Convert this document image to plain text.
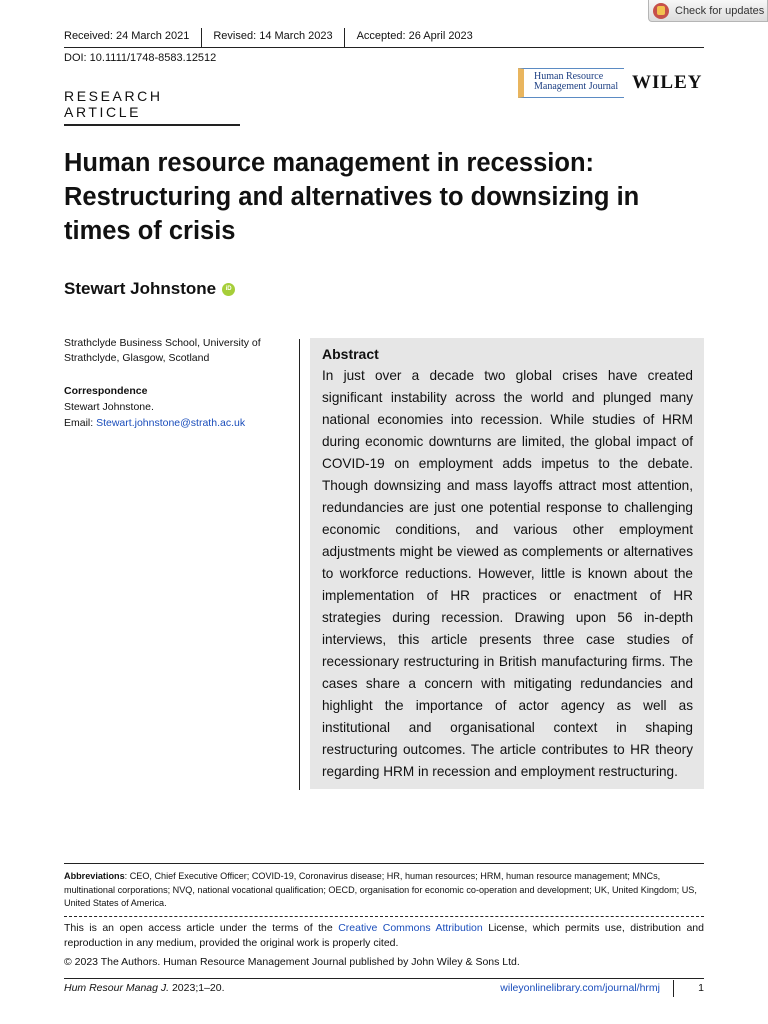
Check for updates
Received: 24 March 2021	Revised: 14 March 2023	Accepted: 26 April 2023
DOI: 10.1111/1748-8583.12512
RESEARCH ARTICLE
Human Resource
Management Journal WILEY
Human resource management in recession: Restructuring and alternatives to downsizing in times of crisis
Stewart Johnstone	iD
Strathclyde Business School, University of Strathclyde, Glasgow, Scotland
Correspondence
Stewart Johnstone.
Email: Stewart.johnstone@strath.ac.uk
Abstract

In just over a decade two global crises have created significant instability across the world and plunged many national economies into recession. While studies of HRM during economic downturns are limited, the global impact of COVID-19 on employment adds impetus to the debate. Though downsizing and mass layoffs attract most attention, redundancies are just one potential response to challenging economic conditions, and various other employment adjustments might be viewed as complements or alternatives to workforce reductions. However, little is known about the implementation of HR practices or enactment of HR strategies during recession. Drawing upon 56 in-depth interviews, this article presents three case studies of recessionary restructuring in British manufacturing firms. The cases share a concern with mitigating redundancies and highlight the importance of actor agency as well as institutional and organisational context in shaping restructuring outcomes. The article contributes to HR theory regarding HRM in recession and employment restructuring.

Abbreviations: CEO, Chief Executive Officer; COVID-19, Coronavirus disease; HR, human resources; HRM, human resource management; MNCs, multinational corporations; NVQ, national vocational qualification; OECD, organisation for economic co-operation and development; UK, United Kingdom; US, United States of America.
This is an open access article under the terms of the Creative Commons Attribution License, which permits use, distribution and reproduction in any medium, provided the original work is properly cited.
© 2023 The Authors. Human Resource Management Journal published by John Wiley & Sons Ltd.
Hum Resour Manag J. 2023;1–20.	wileyonlinelibrary.com/journal/hrmj	1
